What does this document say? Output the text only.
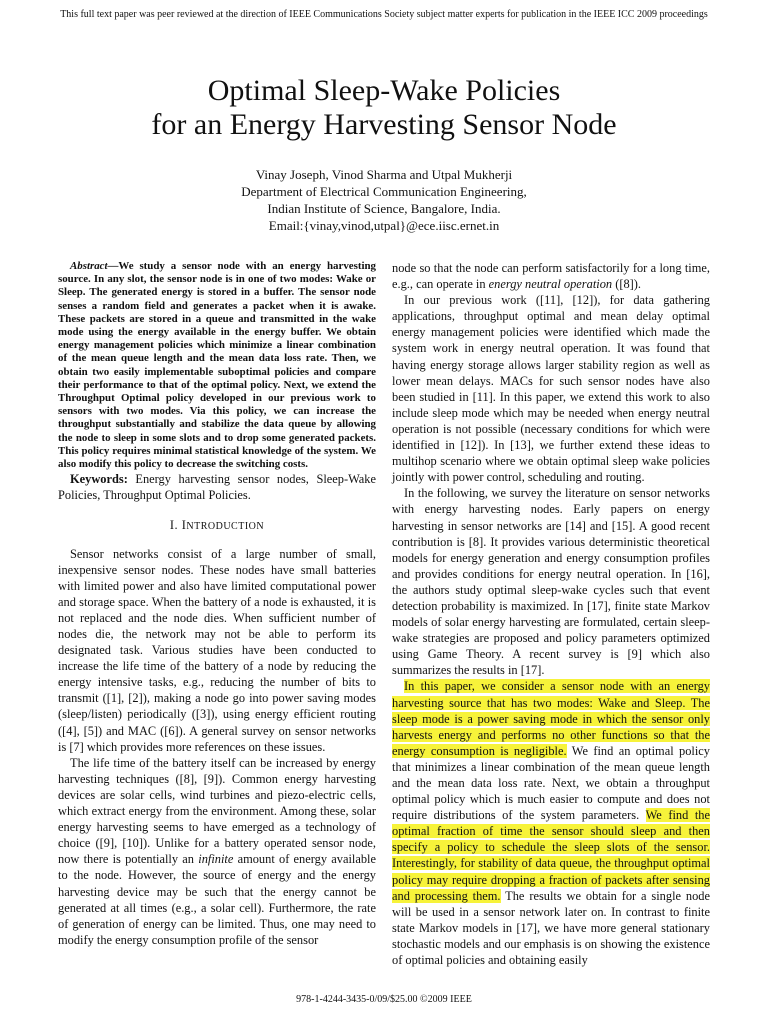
This full text paper was peer reviewed at the direction of IEEE Communications Society subject matter experts for publication in the IEEE ICC 2009 proceedings
Optimal Sleep-Wake Policies
for an Energy Harvesting Sensor Node
Vinay Joseph, Vinod Sharma and Utpal Mukherji
Department of Electrical Communication Engineering,
Indian Institute of Science, Bangalore, India.
Email:{vinay,vinod,utpal}@ece.iisc.ernet.in

Abstract—We study a sensor node with an energy harvesting source. In any slot, the sensor node is in one of two modes: Wake or Sleep. The generated energy is stored in a buffer. The sensor node senses a random field and generates a packet when it is awake. These packets are stored in a queue and transmitted in the wake mode using the energy available in the energy buffer. We obtain energy management policies which minimize a linear combination of the mean queue length and the mean data loss rate. Then, we obtain two easily implementable suboptimal policies and compare their performance to that of the optimal policy. Next, we extend the Throughput Optimal policy developed in our previous work to sensors with two modes. Via this policy, we can increase the throughput substantially and stabilize the data queue by allowing the node to sleep in some slots and to drop some generated packets. This policy requires minimal statistical knowledge of the system. We also modify this policy to decrease the switching costs.

Keywords: Energy harvesting sensor nodes, Sleep-Wake Policies, Throughput Optimal Policies.

I. INTRODUCTION

Sensor networks consist of a large number of small, inexpensive sensor nodes. These nodes have small batteries with limited power and also have limited computational power and storage space. When the battery of a node is exhausted, it is not replaced and the node dies. When sufficient number of nodes die, the network may not be able to perform its designated task. Various studies have been conducted to increase the life time of the battery of a node by reducing the energy intensive tasks, e.g., reducing the number of bits to transmit ([1], [2]), making a node go into power saving modes (sleep/listen) periodically ([3]), using energy efficient routing ([4], [5]) and MAC ([6]). A general survey on sensor networks is [7] which provides more references on these issues.

The life time of the battery itself can be increased by energy harvesting techniques ([8], [9]). Common energy harvesting devices are solar cells, wind turbines and piezo-electric cells, which extract energy from the environment. Among these, solar energy harvesting seems to have emerged as a technology of choice ([9], [10]). Unlike for a battery operated sensor node, now there is potentially an infinite amount of energy available to the node. However, the source of energy and the energy harvesting device may be such that the energy cannot be generated at all times (e.g., a solar cell). Furthermore, the rate of generation of energy can be limited. Thus, one may need to modify the energy consumption profile of the sensor

node so that the node can perform satisfactorily for a long time, e.g., can operate in energy neutral operation ([8]).

In our previous work ([11], [12]), for data gathering applications, throughput optimal and mean delay optimal energy management policies were identified which made the system work in energy neutral operation. It was found that having energy storage allows larger stability region as well as lower mean delays. MACs for such sensor nodes have also been studied in [11]. In this paper, we extend this work to also include sleep mode which may be needed when energy neutral operation is not possible (necessary conditions for which were identified in [12]). In [13], we further extend these ideas to multihop scenario where we obtain optimal sleep wake policies jointly with power control, scheduling and routing.

In the following, we survey the literature on sensor networks with energy harvesting nodes. Early papers on energy harvesting in sensor networks are [14] and [15]. A good recent contribution is [8]. It provides various deterministic theoretical models for energy generation and energy consumption profiles and provides conditions for energy neutral operation. In [16], the authors study optimal sleep-wake cycles such that event detection probability is maximized. In [17], finite state Markov models of solar energy harvesting are formulated, certain sleep-wake strategies are proposed and policy parameters optimized using Game Theory. A recent survey is [9] which also summarizes the results in [17].

In this paper, we consider a sensor node with an energy harvesting source that has two modes: Wake and Sleep. The sleep mode is a power saving mode in which the sensor only harvests energy and performs no other functions so that the energy consumption is negligible. We find an optimal policy that minimizes a linear combination of the mean queue length and the mean data loss rate. Next, we obtain a throughput optimal policy which is much easier to compute and does not require distributions of the system parameters. We find the optimal fraction of time the sensor should sleep and then specify a policy to schedule the sleep slots of the sensor. Interestingly, for stability of data queue, the throughput optimal policy may require dropping a fraction of packets after sensing and processing them. The results we obtain for a single node will be used in a sensor network later on. In contrast to finite state Markov models in [17], we have more general stationary stochastic models and our emphasis is on showing the existence of optimal policies and obtaining easily

978-1-4244-3435-0/09/$25.00 ©2009 IEEE
